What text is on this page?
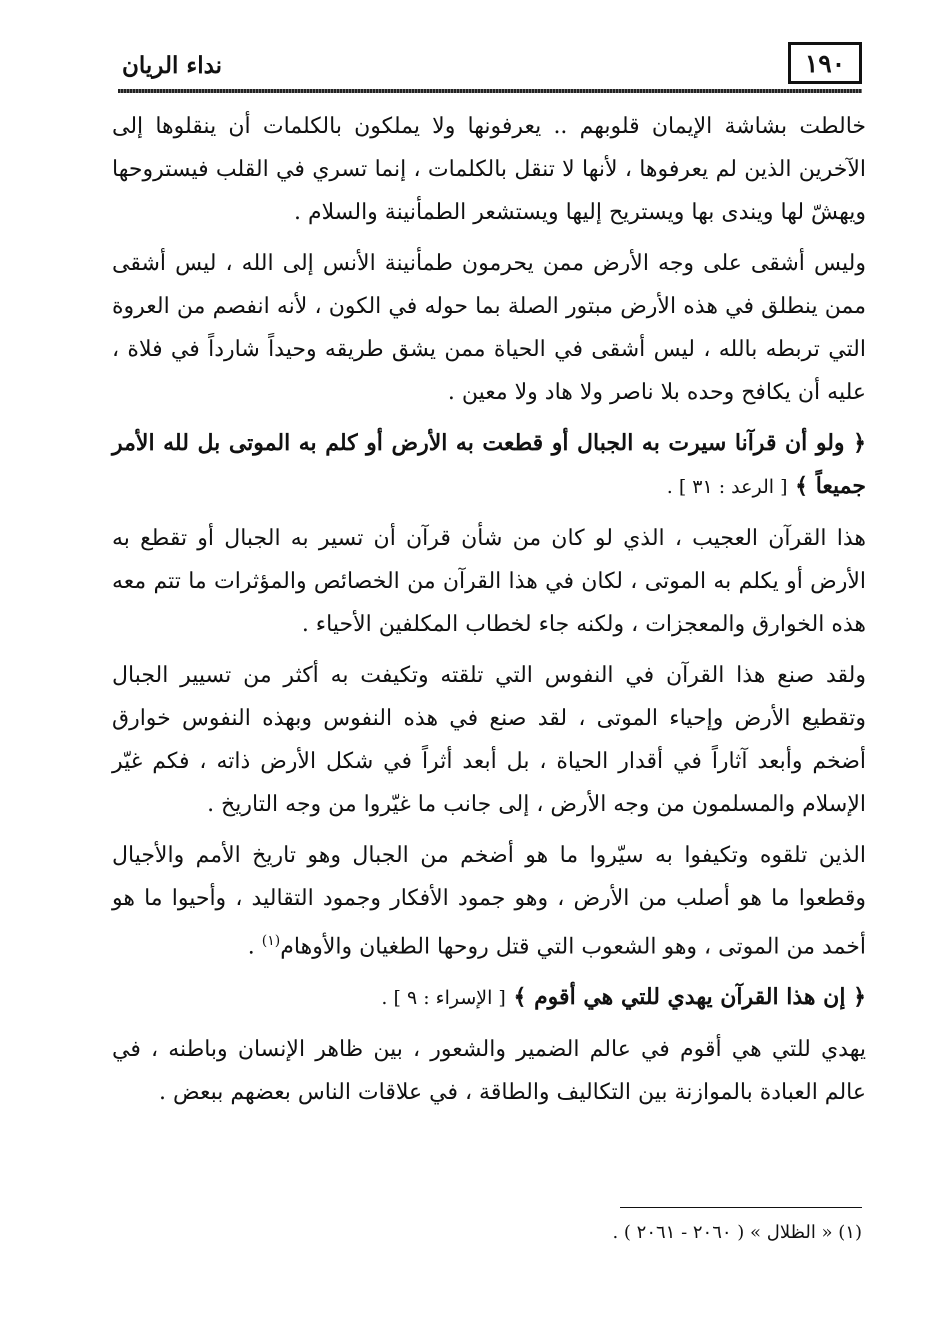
١٩٠
نداء الريان

خالطت بشاشة الإيمان قلوبهم .. يعرفونها ولا يملكون بالكلمات أن ينقلوها إلى الآخرين الذين لم يعرفوها ، لأنها لا تنقل بالكلمات ، إنما تسري في القلب فيستروحها ويهشّ لها ويندى بها ويستريح إليها ويستشعر الطمأنينة والسلام .

وليس أشقى على وجه الأرض ممن يحرمون طمأنينة الأنس إلى الله ، ليس أشقى ممن ينطلق في هذه الأرض مبتور الصلة بما حوله في الكون ، لأنه انفصم من العروة التي تربطه بالله ، ليس أشقى في الحياة ممن يشق طريقه وحيداً شارداً في فلاة ، عليه أن يكافح وحده بلا ناصر ولا هاد ولا معين .

﴿ ولو أن قرآنا سيرت به الجبال أو قطعت به الأرض أو كلم به الموتى بل لله الأمر جميعاً ﴾ [ الرعد : ٣١ ] .

هذا القرآن العجيب ، الذي لو كان من شأن قرآن أن تسير به الجبال أو تقطع به الأرض أو يكلم به الموتى ، لكان في هذا القرآن من الخصائص والمؤثرات ما تتم معه هذه الخوارق والمعجزات ، ولكنه جاء لخطاب المكلفين الأحياء .

ولقد صنع هذا القرآن في النفوس التي تلقته وتكيفت به أكثر من تسيير الجبال وتقطيع الأرض وإحياء الموتى ، لقد صنع في هذه النفوس وبهذه النفوس خوارق أضخم وأبعد آثاراً في أقدار الحياة ، بل أبعد أثراً في شكل الأرض ذاته ، فكم غيّر الإسلام والمسلمون من وجه الأرض ، إلى جانب ما غيّروا من وجه التاريخ .

الذين تلقوه وتكيفوا به سيّروا ما هو أضخم من الجبال وهو تاريخ الأمم والأجيال وقطعوا ما هو أصلب من الأرض ، وهو جمود الأفكار وجمود التقاليد ، وأحيوا ما هو أخمد من الموتى ، وهو الشعوب التي قتل روحها الطغيان والأوهام$^{(١)}$ .

﴿ إن هذا القرآن يهدي للتي هي أقوم ﴾ [ الإسراء : ٩ ] .

يهدي للتي هي أقوم في عالم الضمير والشعور ، بين ظاهر الإنسان وباطنه ، في عالم العبادة بالموازنة بين التكاليف والطاقة ، في علاقات الناس بعضهم ببعض .

(١) « الظلال » ( ٢٠٦٠ - ٢٠٦١ ) .
